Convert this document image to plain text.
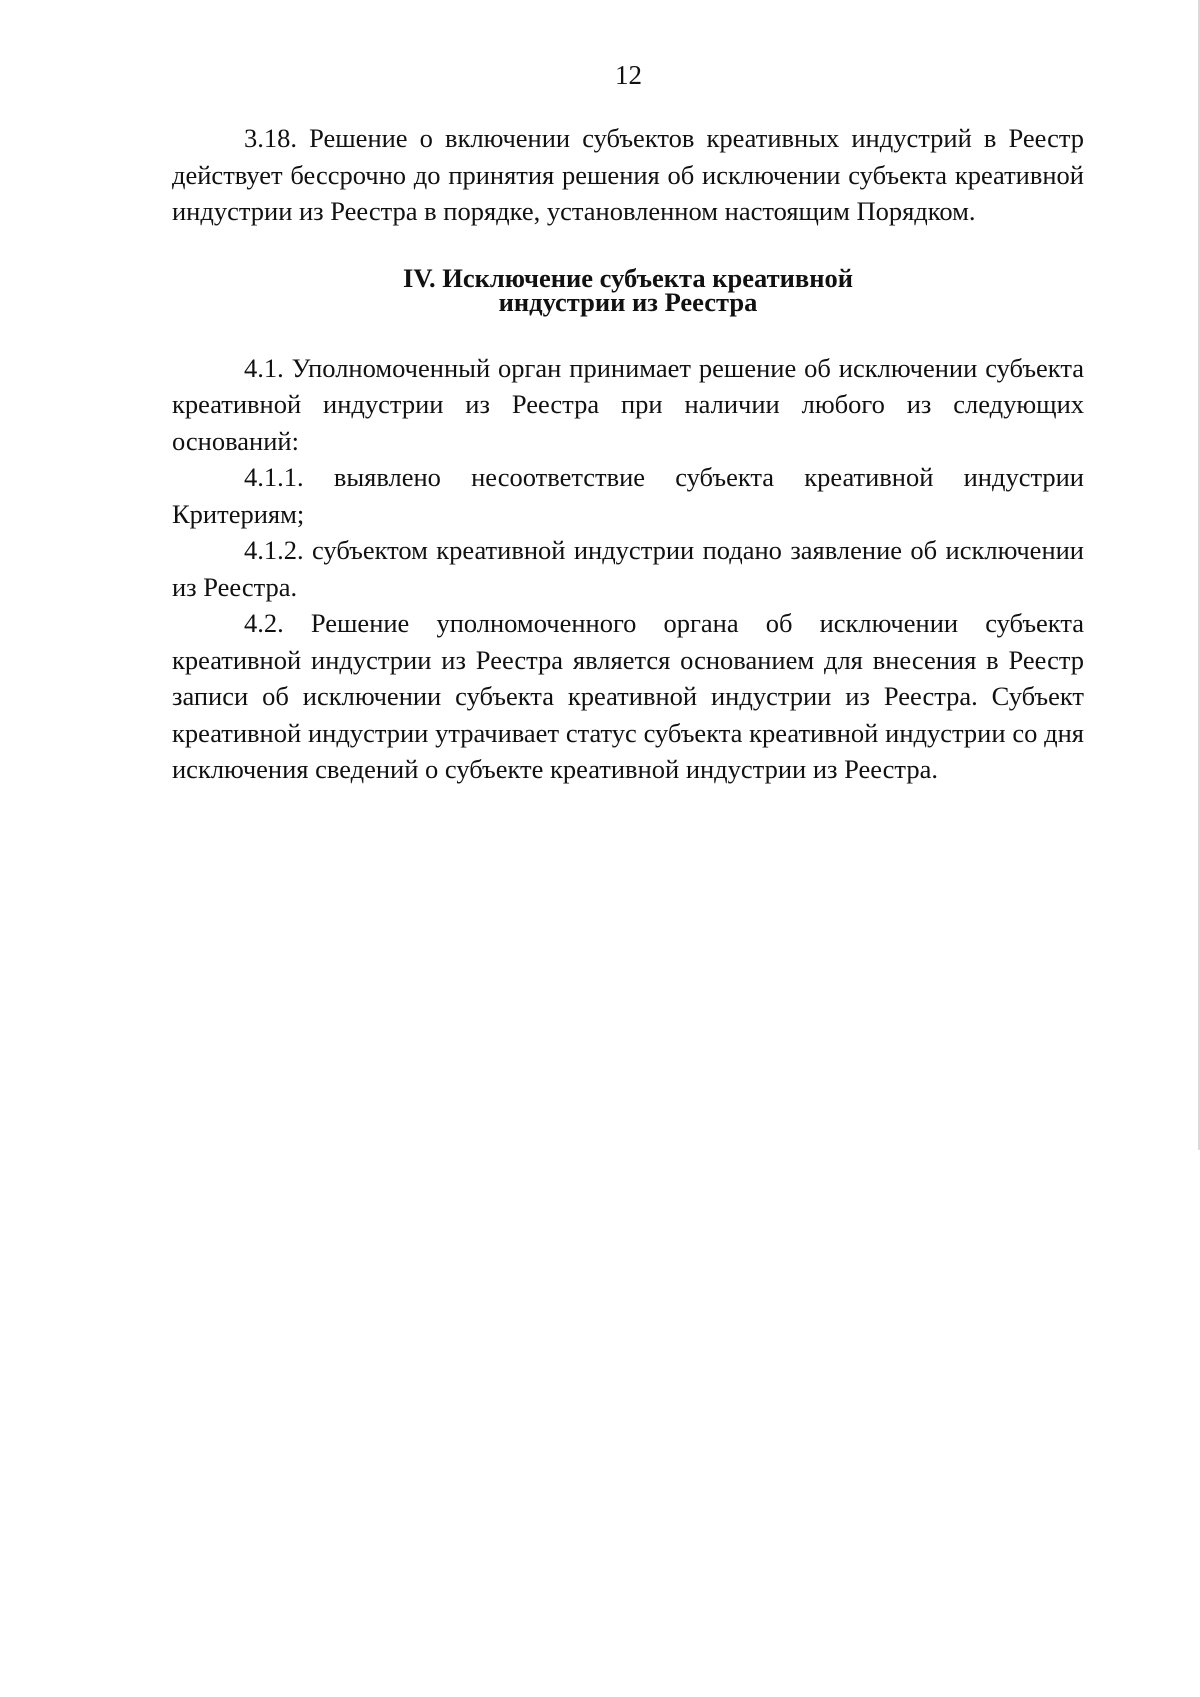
12

3.18. Решение о включении субъектов креативных индустрий в Реестр действует бессрочно до принятия решения об исключении субъекта креативной индустрии из Реестра в порядке, установленном настоящим Порядком.

IV. Исключение субъекта креативной
индустрии из Реестра

4.1. Уполномоченный орган принимает решение об исключении субъекта креативной индустрии из Реестра при наличии любого из следующих оснований:

4.1.1. выявлено несоответствие субъекта креативной индустрии Критериям;

4.1.2. субъектом креативной индустрии подано заявление об исключении из Реестра.

4.2. Решение уполномоченного органа об исключении субъекта креативной индустрии из Реестра является основанием для внесения в Реестр записи об исключении субъекта креативной индустрии из Реестра. Субъект креативной индустрии утрачивает статус субъекта креативной индустрии со дня исключения сведений о субъекте креативной индустрии из Реестра.
